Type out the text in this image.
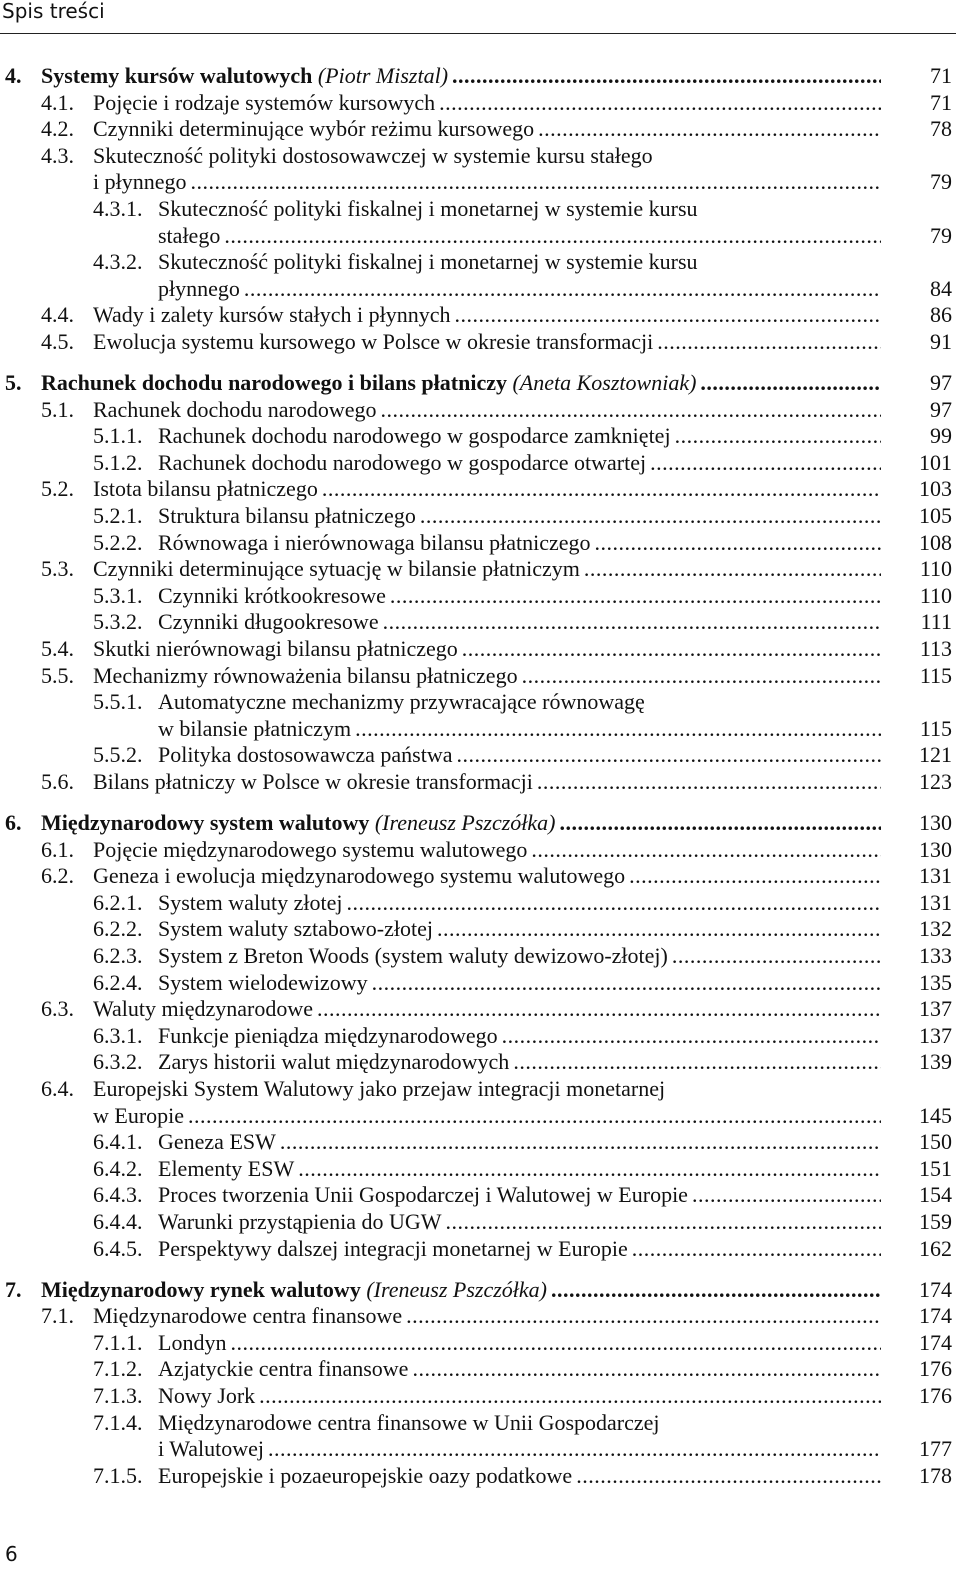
Spis treści
4. Systemy kursów walutowych (Piotr Misztal) .....	71
4.1. Pojęcie i rodzaje systemów kursowych .....	71
4.2. Czynniki determinujące wybór reżimu kursowego .....	78
4.3. Skuteczność polityki dostosowawczej w systemie kursu stałego
i płynnego .....	79
4.3.1. Skuteczność polityki fiskalnej i monetarnej w systemie kursu
stałego .....	79
4.3.2. Skuteczność polityki fiskalnej i monetarnej w systemie kursu
płynnego .....	84
4.4. Wady i zalety kursów stałych i płynnych .....	86
4.5. Ewolucja systemu kursowego w Polsce w okresie transformacji .....	91
5. Rachunek dochodu narodowego i bilans płatniczy (Aneta Kosztowniak) .....	97
5.1. Rachunek dochodu narodowego .....	97
5.1.1. Rachunek dochodu narodowego w gospodarce zamkniętej .....	99
5.1.2. Rachunek dochodu narodowego w gospodarce otwartej .....	101
5.2. Istota bilansu płatniczego .....	103
5.2.1. Struktura bilansu płatniczego .....	105
5.2.2. Równowaga i nierównowaga bilansu płatniczego .....	108
5.3. Czynniki determinujące sytuację w bilansie płatniczym .....	110
5.3.1. Czynniki krótkookresowe .....	110
5.3.2. Czynniki długookresowe .....	111
5.4. Skutki nierównowagi bilansu płatniczego .....	113
5.5. Mechanizmy równoważenia bilansu płatniczego .....	115
5.5.1. Automatyczne mechanizmy przywracające równowagę
w bilansie płatniczym .....	115
5.5.2. Polityka dostosowawcza państwa .....	121
5.6. Bilans płatniczy w Polsce w okresie transformacji .....	123
6. Międzynarodowy system walutowy (Ireneusz Pszczółka) .....	130
6.1. Pojęcie międzynarodowego systemu walutowego .....	130
6.2. Geneza i ewolucja międzynarodowego systemu walutowego .....	131
6.2.1. System waluty złotej .....	131
6.2.2. System waluty sztabowo-złotej .....	132
6.2.3. System z Breton Woods (system waluty dewizowo-złotej) .....	133
6.2.4. System wielodewizowy .....	135
6.3. Waluty międzynarodowe .....	137
6.3.1. Funkcje pieniądza międzynarodowego .....	137
6.3.2. Zarys historii walut międzynarodowych .....	139
6.4. Europejski System Walutowy jako przejaw integracji monetarnej
w Europie .....	145
6.4.1. Geneza ESW .....	150
6.4.2. Elementy ESW .....	151
6.4.3. Proces tworzenia Unii Gospodarczej i Walutowej w Europie .....	154
6.4.4. Warunki przystąpienia do UGW .....	159
6.4.5. Perspektywy dalszej integracji monetarnej w Europie .....	162
7. Międzynarodowy rynek walutowy (Ireneusz Pszczółka) .....	174
7.1. Międzynarodowe centra finansowe .....	174
7.1.1. Londyn .....	174
7.1.2. Azjatyckie centra finansowe .....	176
7.1.3. Nowy Jork .....	176
7.1.4. Międzynarodowe centra finansowe w Unii Gospodarczej
i Walutowej .....	177
7.1.5. Europejskie i pozaeuropejskie oazy podatkowe .....	178
6
